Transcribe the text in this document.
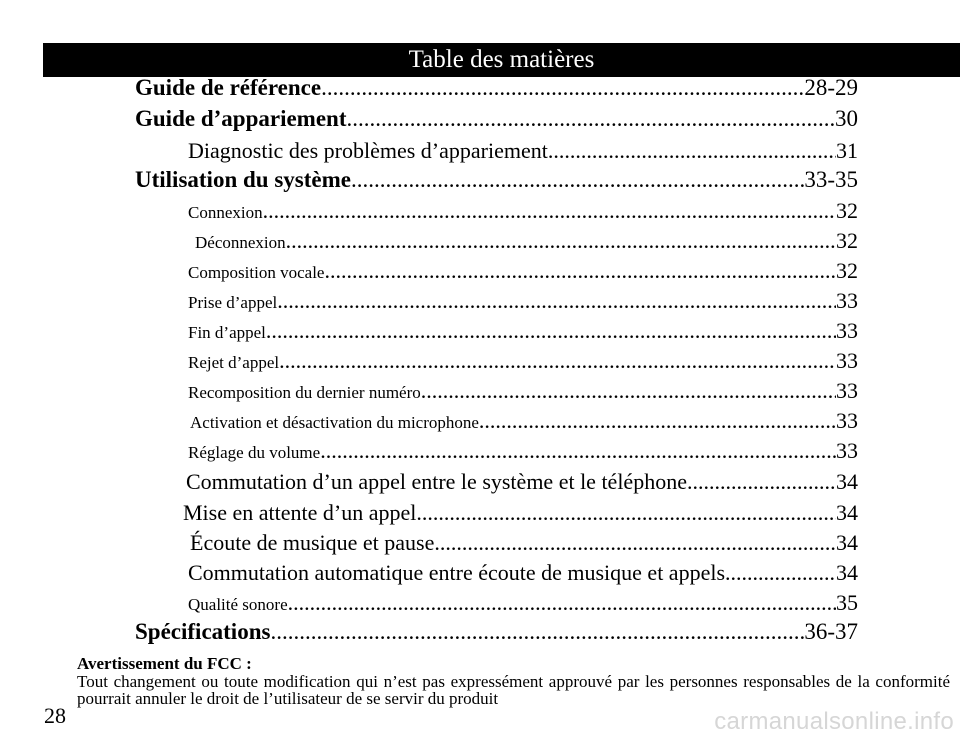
Table des matières
Guide de référence .....	28-29
Guide d’appariement .....	30
Diagnostic des problèmes d’appariement .....	31
Utilisation du système .....	33-35
Connexion .....	32
Déconnexion .....	32
Composition vocale .....	32
Prise d’appel .....	33
Fin d’appel .....	33
Rejet d’appel .....	33
Recomposition du dernier numéro .....	33
Activation et désactivation du microphone .....	33
Réglage du volume .....	33
Commutation d’un appel entre le système et le téléphone .....	34
Mise en attente d’un appel .....	34
Écoute de musique et pause .....	34
Commutation automatique entre écoute de musique et appels .....	34
Qualité sonore .....	35
Spécifications .....	36-37
Avertissement du FCC :
Tout changement ou toute modification qui n’est pas expressément approuvé par les personnes responsables de la conformité pourrait annuler le droit de l’utilisateur de se servir du produit
28	carmanualsonline.info
